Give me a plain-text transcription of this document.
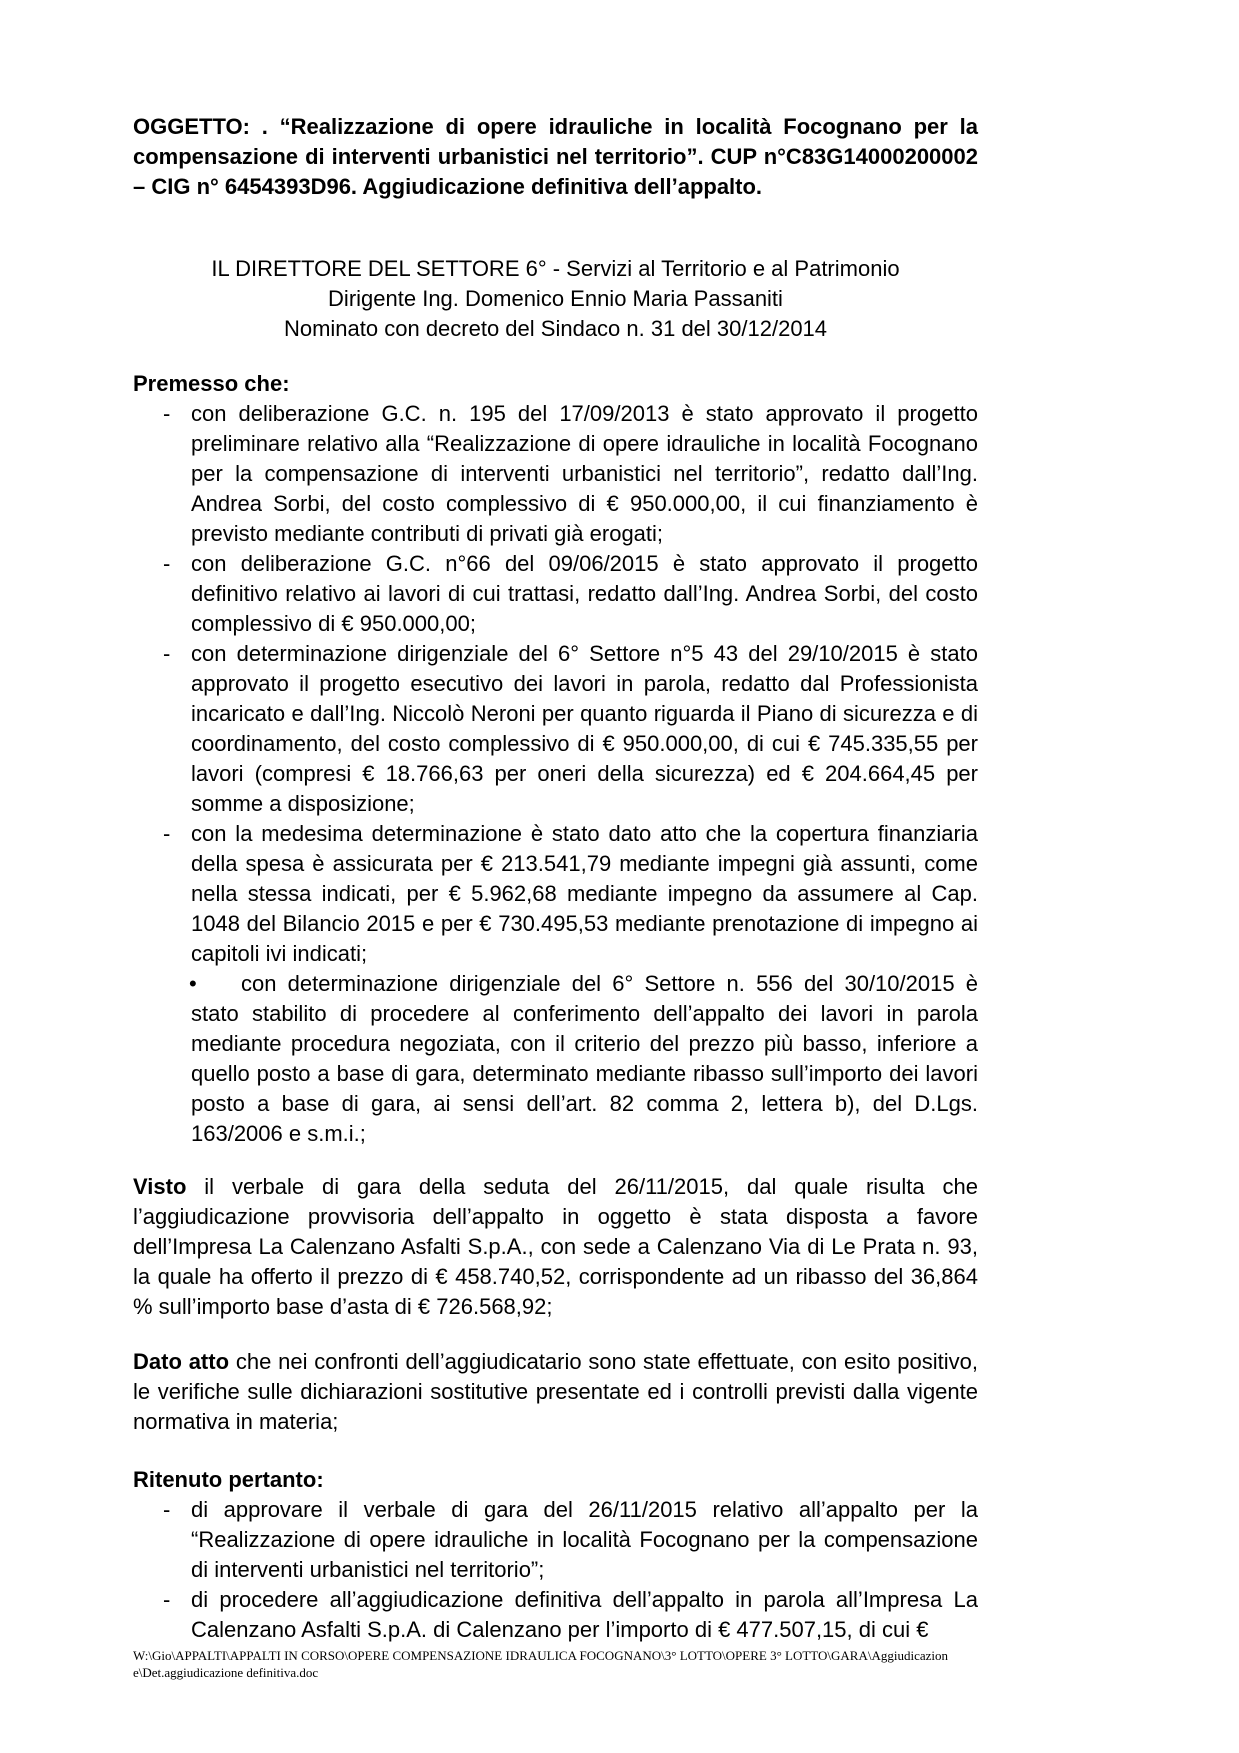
OGGETTO: . “Realizzazione di opere idrauliche in località Focognano per la compensazione di interventi urbanistici nel territorio”. CUP n°C83G14000200002 – CIG n° 6454393D96. Aggiudicazione definitiva dell’appalto.

IL DIRETTORE DEL SETTORE 6° - Servizi al Territorio e al Patrimonio
Dirigente Ing. Domenico Ennio Maria Passaniti
Nominato con decreto del Sindaco n. 31 del 30/12/2014

Premesso che:

- con deliberazione G.C. n. 195 del 17/09/2013 è stato approvato il progetto preliminare relativo alla “Realizzazione di opere idrauliche in località Focognano per la compensazione di interventi urbanistici nel territorio”, redatto dall’Ing. Andrea Sorbi, del costo complessivo di € 950.000,00, il cui finanziamento è previsto mediante contributi di privati già erogati;
- con deliberazione G.C. n°66 del 09/06/2015 è stato approvato il progetto definitivo relativo ai lavori di cui trattasi, redatto dall’Ing. Andrea Sorbi, del costo complessivo di € 950.000,00;
- con determinazione dirigenziale del 6° Settore n°5 43 del 29/10/2015 è stato approvato il progetto esecutivo dei lavori in parola, redatto dal Professionista incaricato e dall’Ing. Niccolò Neroni per quanto riguarda il Piano di sicurezza e di coordinamento, del costo complessivo di € 950.000,00, di cui € 745.335,55 per lavori (compresi € 18.766,63 per oneri della sicurezza) ed € 204.664,45 per somme a disposizione;
- con la medesima determinazione è stato dato atto che la copertura finanziaria della spesa è assicurata per € 213.541,79 mediante impegni già assunti, come nella stessa indicati, per € 5.962,68 mediante impegno da assumere al Cap. 1048 del Bilancio 2015 e per € 730.495,53 mediante prenotazione di impegno ai capitoli ivi indicati;
•	con determinazione dirigenziale del 6° Settore n. 556 del 30/10/2015 è stato stabilito di procedere al conferimento dell’appalto dei lavori in parola mediante procedura negoziata, con il criterio del prezzo più basso, inferiore a quello posto a base di gara, determinato mediante ribasso sull’importo dei lavori posto a base di gara, ai sensi dell’art. 82 comma 2, lettera b), del D.Lgs. 163/2006 e s.m.i.;

Visto il verbale di gara della seduta del 26/11/2015, dal quale risulta che l’aggiudicazione provvisoria dell’appalto in oggetto è stata disposta a favore dell’Impresa La Calenzano Asfalti S.p.A., con sede a Calenzano Via di Le Prata n. 93, la quale ha offerto il prezzo di € 458.740,52, corrispondente ad un ribasso del 36,864 % sull’importo base d’asta di € 726.568,92;

Dato atto che nei confronti dell’aggiudicatario sono state effettuate, con esito positivo, le verifiche sulle dichiarazioni sostitutive presentate ed i controlli previsti dalla vigente normativa in materia;

Ritenuto pertanto:

- di approvare il verbale di gara del 26/11/2015 relativo all’appalto per la “Realizzazione di opere idrauliche in località Focognano per la compensazione di interventi urbanistici nel territorio”;
- di procedere all’aggiudicazione definitiva dell’appalto in parola all’Impresa La Calenzano Asfalti S.p.A. di Calenzano per l’importo di € 477.507,15, di cui €
W:\Gio\APPALTI\APPALTI IN CORSO\OPERE COMPENSAZIONE IDRAULICA FOCOGNANO\3° LOTTO\OPERE 3° LOTTO\GARA\Aggiudicazione\Det.aggiudicazione definitiva.doc
